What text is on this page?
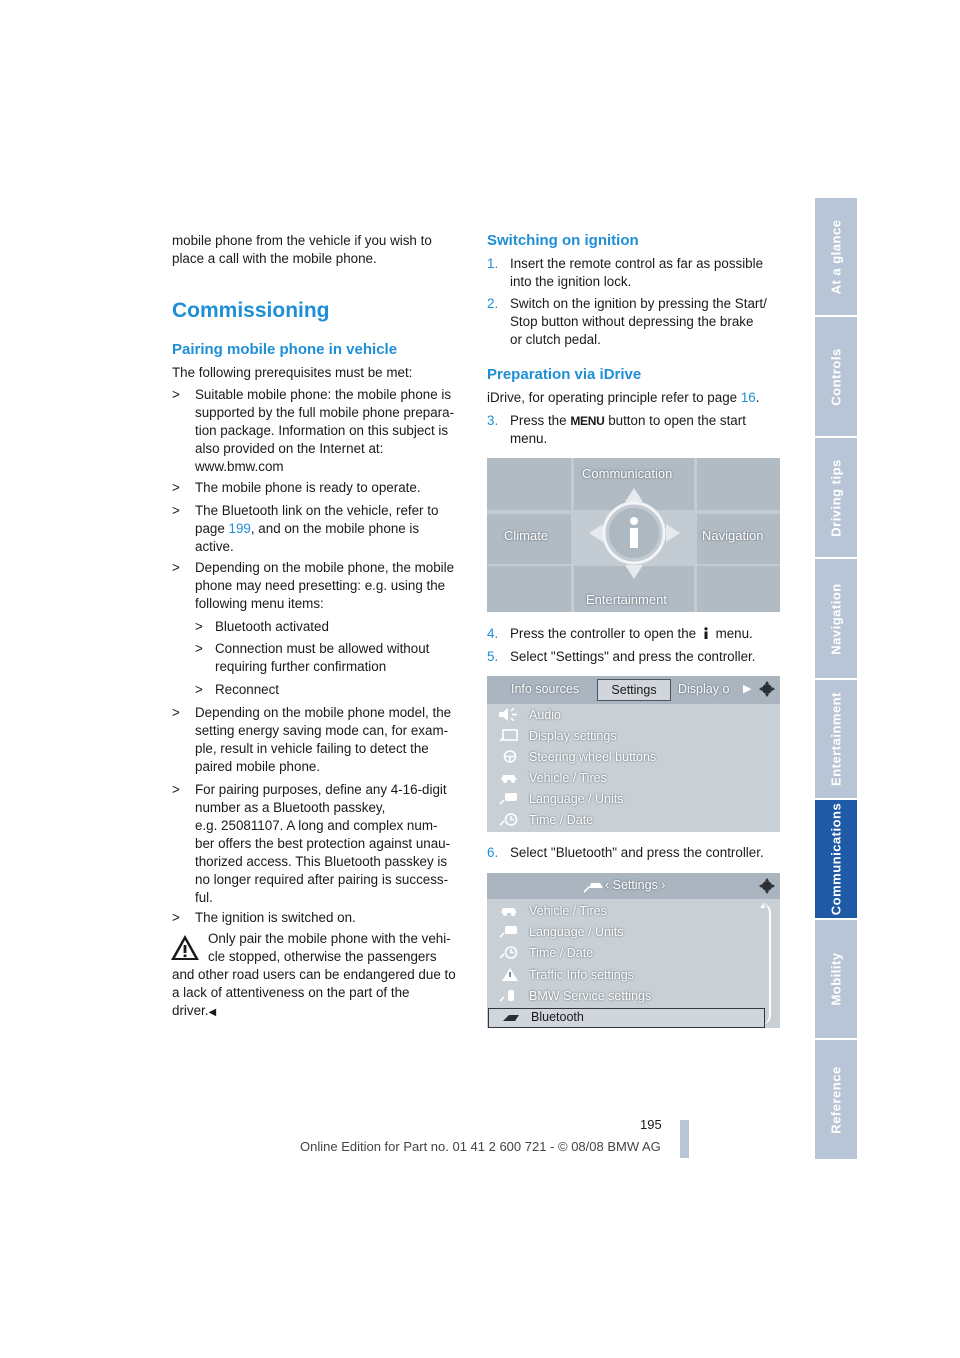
mobile phone from the vehicle if you wish to
place a call with the mobile phone.
Commissioning
Pairing mobile phone in vehicle
The following prerequisites must be met:
> Suitable mobile phone: the mobile phone is
supported by the full mobile phone prepara-
tion package. Information on this subject is
also provided on the Internet at:
www.bmw.com
> The mobile phone is ready to operate.
> The Bluetooth link on the vehicle, refer to
page 199, and on the mobile phone is
active.
> Depending on the mobile phone, the mobile
phone may need presetting: e.g. using the
following menu items:
> Bluetooth activated
> Connection must be allowed without
requiring further confirmation
> Reconnect
> Depending on the mobile phone model, the
setting energy saving mode can, for exam-
ple, result in vehicle failing to detect the
paired mobile phone.
> For pairing purposes, define any 4-16-digit
number as a Bluetooth passkey,
e.g. 25081107. A long and complex num-
ber offers the best protection against unau-
thorized access. This Bluetooth passkey is
no longer required after pairing is success-
ful.
> The ignition is switched on.
Only pair the mobile phone with the vehi-
cle stopped, otherwise the passengers
and other road users can be endangered due to
a lack of attentiveness on the part of the
driver.◀
Switching on ignition
1. Insert the remote control as far as possible
into the ignition lock.
2. Switch on the ignition by pressing the Start/
Stop button without depressing the brake
or clutch pedal.
Preparation via iDrive
iDrive, for operating principle refer to page 16.
3. Press the MENU button to open the start
menu.
Communication
Climate	Navigation
Entertainment
4. Press the controller to open the menu.
5. Select "Settings" and press the controller.
Info sources	Settings	Display o ▶
Audio
Display settings
Steering wheel buttons
Vehicle / Tires
Language / Units
Time / Date
6. Select "Bluetooth" and press the controller.
‹ Settings ›
▲
Vehicle / Tires
Language / Units
Time / Date
Traffic Info settings
BMW Service settings
Bluetooth
At a glance
Controls
Driving tips
Navigation
Entertainment
Communications
Mobility
Reference
195
Online Edition for Part no. 01 41 2 600 721 - © 08/08 BMW AG
